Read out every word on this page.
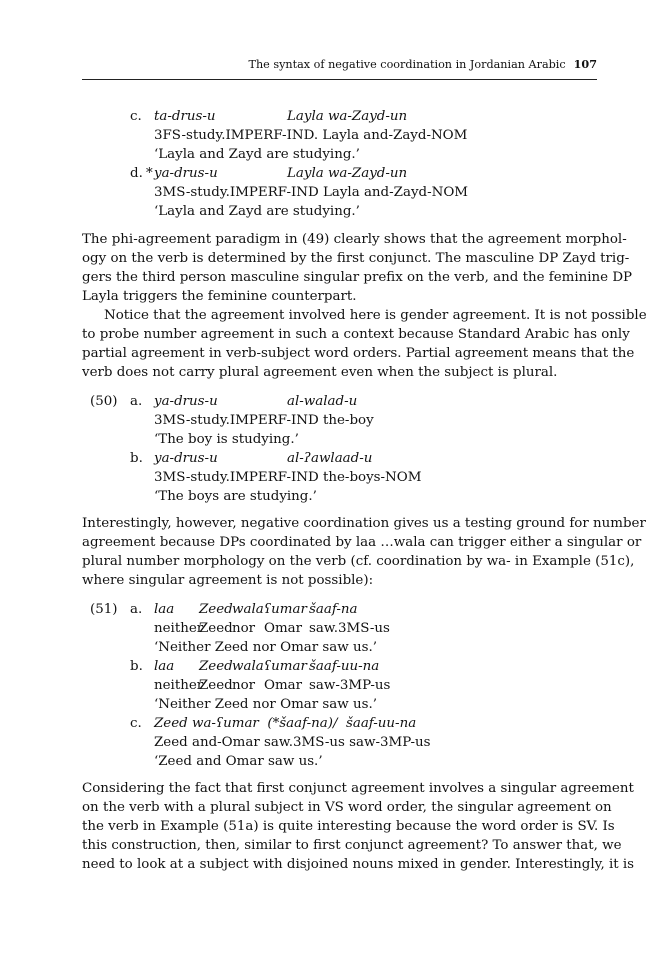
The syntax of negative coordination in Jordanian Arabic 107
c. ta-drus-u	Layla wa-Zayd-un
3FS-study.IMPERF-IND. Layla and-Zayd-NOM
‘Layla and Zayd are studying.’
d. * ya-drus-u	Layla wa-Zayd-un
3MS-study.IMPERF-IND Layla and-Zayd-NOM
‘Layla and Zayd are studying.’
The phi-agreement paradigm in (49) clearly shows that the agreement morphol-
ogy on the verb is determined by the first conjunct. The masculine DP Zayd trig-
gers the third person masculine singular prefix on the verb, and the feminine DP
Layla triggers the feminine counterpart.
Notice that the agreement involved here is gender agreement. It is not possible
to probe number agreement in such a context because Standard Arabic has only
partial agreement in verb-subject word orders. Partial agreement means that the
verb does not carry plural agreement even when the subject is plural.
(50) a. ya-drus-u	al-walad-u
3MS-study.IMPERF-IND the-boy
‘The boy is studying.’
b. ya-drus-u	al-ʔawlaad-u
3MS-study.IMPERF-IND the-boys-NOM
‘The boys are studying.’
Interestingly, however, negative coordination gives us a testing ground for number
agreement because DPs coordinated by laa …wala can trigger either a singular or
plural number morphology on the verb (cf. coordination by wa- in Example (51c),
where singular agreement is not possible):
(51) a. laa Zeed wala ʕumar šaaf-na
neither
Zeed nor Omar saw.3MS-us
‘Neither Zeed nor Omar saw us.’
b. laa Zeed wala ʕumar šaaf-uu-na
neither
Zeed nor Omar saw-3MP-us
‘Neither Zeed nor Omar saw us.’
c. Zeed wa-ʕumar  (*šaaf-na)/  šaaf-uu-na
Zeed and-Omar saw.3MS-us saw-3MP-us
‘Zeed and Omar saw us.’
Considering the fact that first conjunct agreement involves a singular agreement
on the verb with a plural subject in VS word order, the singular agreement on
the verb in Example (51a) is quite interesting because the word order is SV. Is
this construction, then, similar to first conjunct agreement? To answer that, we
need to look at a subject with disjoined nouns mixed in gender. Interestingly, it is
